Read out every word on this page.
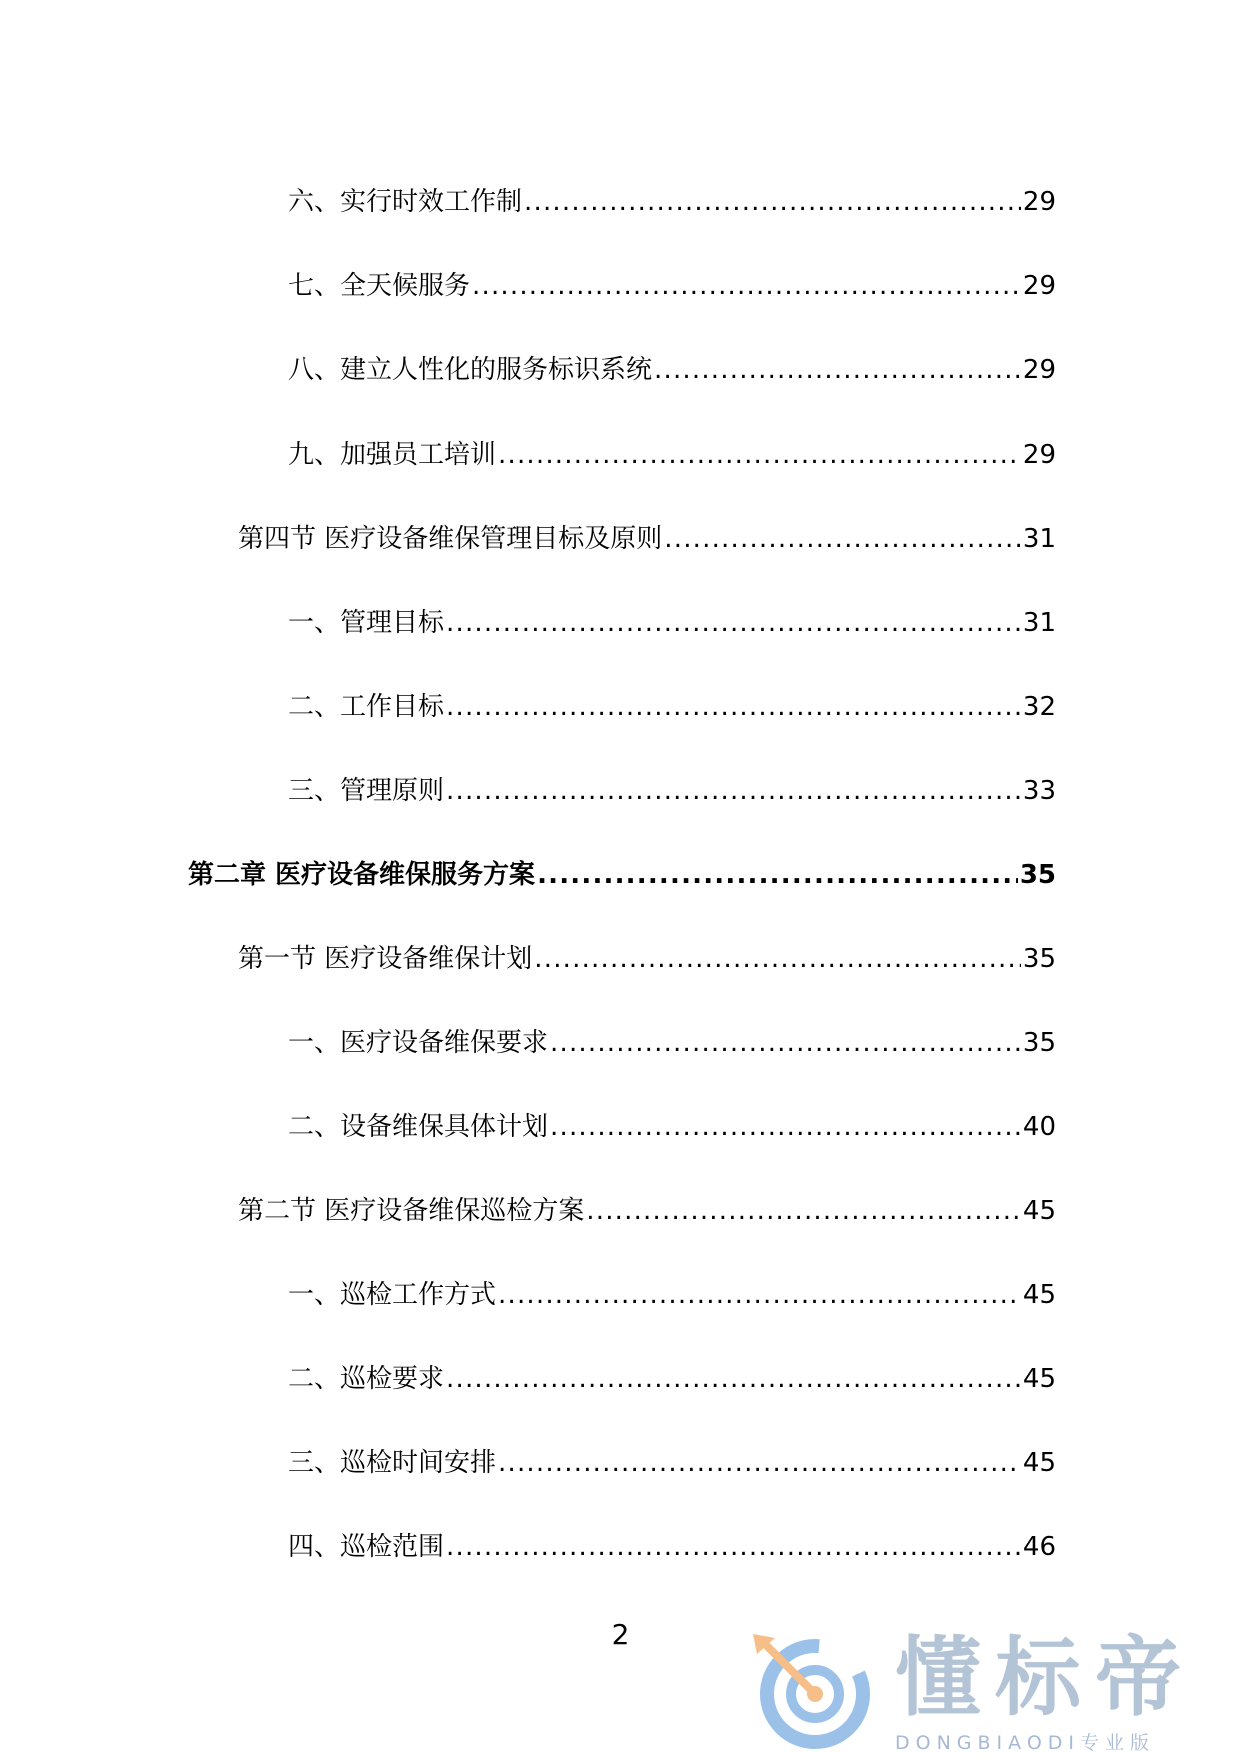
六、实行时效工作制 .....	29
七、全天候服务 .....	29
八、建立人性化的服务标识系统 .....	29
九、加强员工培训 .....	29
第四节 医疗设备维保管理目标及原则 .....	31
一、管理目标 .....	31
二、工作目标 .....	32
三、管理原则 .....	33
第二章 医疗设备维保服务方案 .....	35
第一节 医疗设备维保计划 .....	35
一、医疗设备维保要求 .....	35
二、设备维保具体计划 .....	40
第二节 医疗设备维保巡检方案 .....	45
一、巡检工作方式 .....	45
二、巡检要求 .....	45
三、巡检时间安排 .....	45
四、巡检范围 .....	46
2	懂标帝
DONGBIAODI专业版
